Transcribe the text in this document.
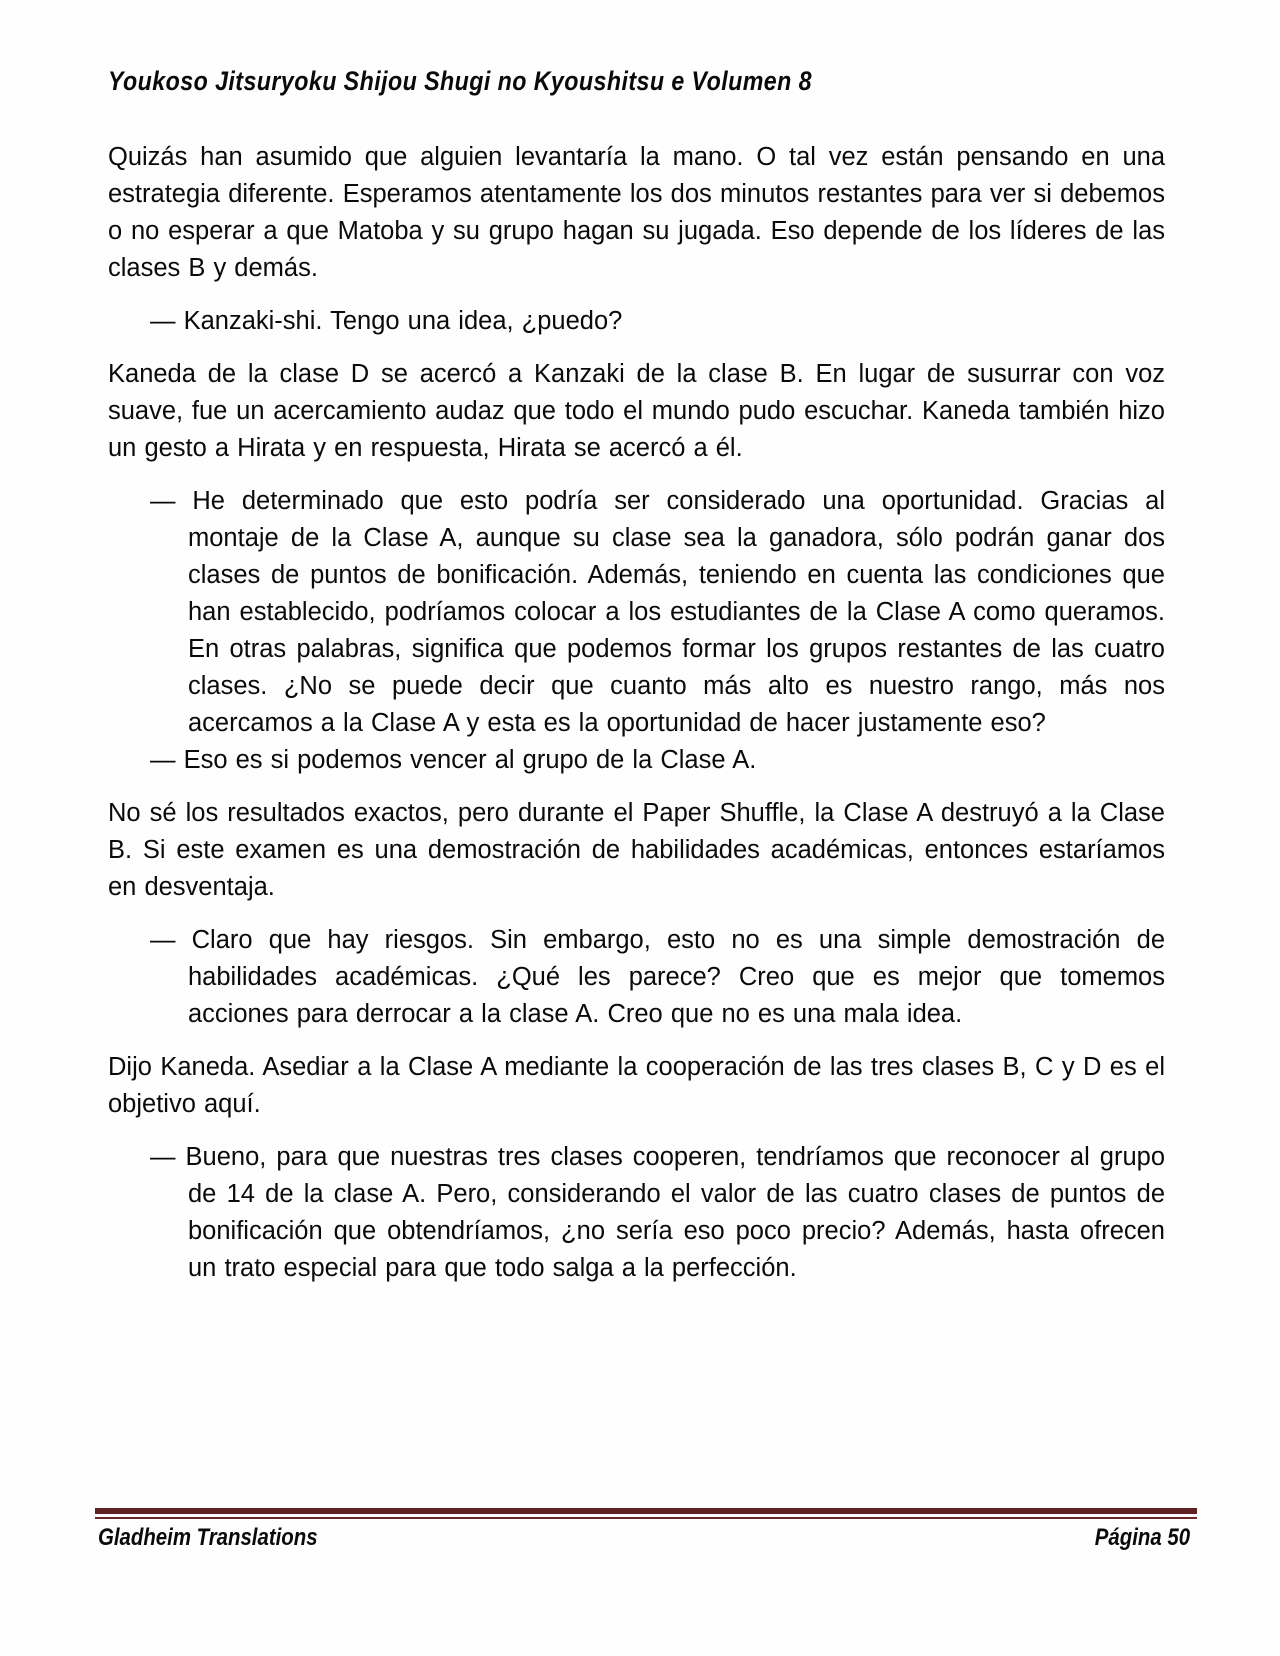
Youkoso Jitsuryoku Shijou Shugi no Kyoushitsu e Volumen 8

Quizás han asumido que alguien levantaría la mano. O tal vez están pensando en una estrategia diferente. Esperamos atentamente los dos minutos restantes para ver si debemos o no esperar a que Matoba y su grupo hagan su jugada. Eso depende de los líderes de las clases B y demás.

— Kanzaki-shi. Tengo una idea, ¿puedo?

Kaneda de la clase D se acercó a Kanzaki de la clase B. En lugar de susurrar con voz suave, fue un acercamiento audaz que todo el mundo pudo escuchar. Kaneda también hizo un gesto a Hirata y en respuesta, Hirata se acercó a él.

— He determinado que esto podría ser considerado una oportunidad. Gracias al montaje de la Clase A, aunque su clase sea la ganadora, sólo podrán ganar dos clases de puntos de bonificación. Además, teniendo en cuenta las condiciones que han establecido, podríamos colocar a los estudiantes de la Clase A como queramos. En otras palabras, significa que podemos formar los grupos restantes de las cuatro clases. ¿No se puede decir que cuanto más alto es nuestro rango, más nos acercamos a la Clase A y esta es la oportunidad de hacer justamente eso?

— Eso es si podemos vencer al grupo de la Clase A.

No sé los resultados exactos, pero durante el Paper Shuffle, la Clase A destruyó a la Clase B. Si este examen es una demostración de habilidades académicas, entonces estaríamos en desventaja.

— Claro que hay riesgos. Sin embargo, esto no es una simple demostración de habilidades académicas. ¿Qué les parece? Creo que es mejor que tomemos acciones para derrocar a la clase A. Creo que no es una mala idea.

Dijo Kaneda. Asediar a la Clase A mediante la cooperación de las tres clases B, C y D es el objetivo aquí.

— Bueno, para que nuestras tres clases cooperen, tendríamos que reconocer al grupo de 14 de la clase A. Pero, considerando el valor de las cuatro clases de puntos de bonificación que obtendríamos, ¿no sería eso poco precio? Además, hasta ofrecen un trato especial para que todo salga a la perfección.

Gladheim Translations	Página 50
